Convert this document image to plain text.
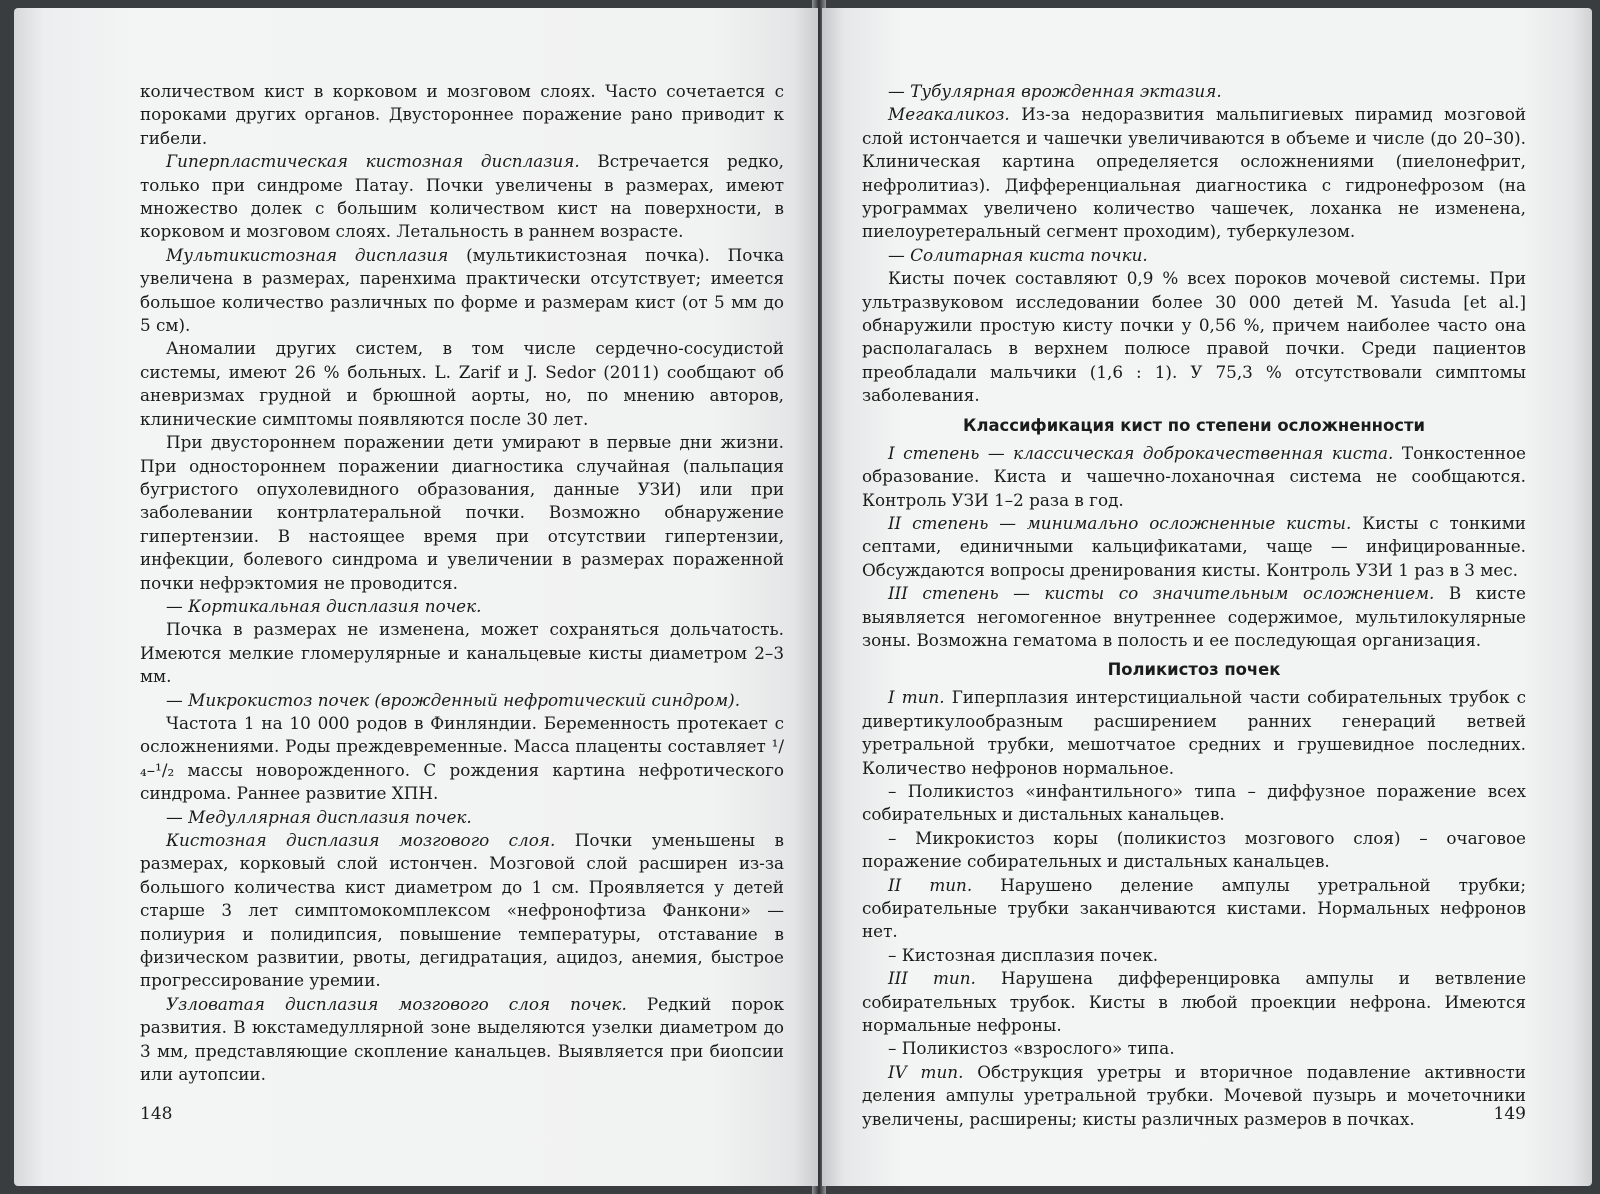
количеством кист в корковом и мозговом слоях. Часто сочетается с пороками других органов. Двустороннее поражение рано приводит к гибели.

Гиперпластическая кистозная дисплазия. Встречается редко, только при синдроме Патау. Почки увеличены в размерах, имеют множество долек с большим количеством кист на поверхности, в корковом и мозговом слоях. Летальность в раннем возрасте.

Мультикистозная дисплазия (мультикистозная почка). Почка увеличена в размерах, паренхима практически отсутствует; имеется большое количество различных по форме и размерам кист (от 5 мм до 5 см).

Аномалии других систем, в том числе сердечно-сосудистой системы, имеют 26 % больных. L. Zarif и J. Sedor (2011) сообщают об аневризмах грудной и брюшной аорты, но, по мнению авторов, клинические симптомы появляются после 30 лет.

При двустороннем поражении дети умирают в первые дни жизни. При одностороннем поражении диагностика случайная (пальпация бугристого опухолевидного образования, данные УЗИ) или при заболевании контрлатеральной почки. Возможно обнаружение гипертензии. В настоящее время при отсутствии гипертензии, инфекции, болевого синдрома и увеличении в размерах пораженной почки нефрэктомия не проводится.

— Кортикальная дисплазия почек.

Почка в размерах не изменена, может сохраняться дольчатость. Имеются мелкие гломерулярные и канальцевые кисты диаметром 2–3 мм.

— Микрокистоз почек (врожденный нефротический синдром).

Частота 1 на 10 000 родов в Финляндии. Беременность протекает с осложнениями. Роды преждевременные. Масса плаценты составляет ¹/₄–¹/₂ массы новорожденного. С рождения картина нефротического синдрома. Раннее развитие ХПН.

— Медуллярная дисплазия почек.

Кистозная дисплазия мозгового слоя. Почки уменьшены в размерах, корковый слой истончен. Мозговой слой расширен из-за большого количества кист диаметром до 1 см. Проявляется у детей старше 3 лет симптомокомплексом «нефронофтиза Фанкони» — полиурия и полидипсия, повышение температуры, отставание в физическом развитии, рвоты, дегидратация, ацидоз, анемия, быстрое прогрессирование уремии.

Узловатая дисплазия мозгового слоя почек. Редкий порок развития. В юкстамедуллярной зоне выделяются узелки диаметром до 3 мм, представляющие скопление канальцев. Выявляется при биопсии или аутопсии.

148

— Тубулярная врожденная эктазия.

Мегакаликоз. Из-за недоразвития мальпигиевых пирамид мозговой слой истончается и чашечки увеличиваются в объеме и числе (до 20–30). Клиническая картина определяется осложнениями (пиелонефрит, нефролитиаз). Дифференциальная диагностика с гидронефрозом (на урограммах увеличено количество чашечек, лоханка не изменена, пиелоуретеральный сегмент проходим), туберкулезом.

— Солитарная киста почки.

Кисты почек составляют 0,9 % всех пороков мочевой системы. При ультразвуковом исследовании более 30 000 детей M. Yasuda [et al.] обнаружили простую кисту почки у 0,56 %, причем наиболее часто она располагалась в верхнем полюсе правой почки. Среди пациентов преобладали мальчики (1,6 : 1). У 75,3 % отсутствовали симптомы заболевания.

Классификация кист по степени осложненности

I степень — классическая доброкачественная киста. Тонкостенное образование. Киста и чашечно-лоханочная система не сообщаются. Контроль УЗИ 1–2 раза в год.

II степень — минимально осложненные кисты. Кисты с тонкими септами, единичными кальцификатами, чаще — инфицированные. Обсуждаются вопросы дренирования кисты. Контроль УЗИ 1 раз в 3 мес.

III степень — кисты со значительным осложнением. В кисте выявляется негомогенное внутреннее содержимое, мультилокулярные зоны. Возможна гематома в полость и ее последующая организация.

Поликистоз почек

I тип. Гиперплазия интерстициальной части собирательных трубок с дивертикулообразным расширением ранних генераций ветвей уретральной трубки, мешотчатое средних и грушевидное последних. Количество нефронов нормальное.

– Поликистоз «инфантильного» типа – диффузное поражение всех собирательных и дистальных канальцев.

– Микрокистоз коры (поликистоз мозгового слоя) – очаговое поражение собирательных и дистальных канальцев.

II тип. Нарушено деление ампулы уретральной трубки; собирательные трубки заканчиваются кистами. Нормальных нефронов нет.

– Кистозная дисплазия почек.

III тип. Нарушена дифференцировка ампулы и ветвление собирательных трубок. Кисты в любой проекции нефрона. Имеются нормальные нефроны.

– Поликистоз «взрослого» типа.

IV тип. Обструкция уретры и вторичное подавление активности деления ампулы уретральной трубки. Мочевой пузырь и мочеточники увеличены, расширены; кисты различных размеров в почках.	149
